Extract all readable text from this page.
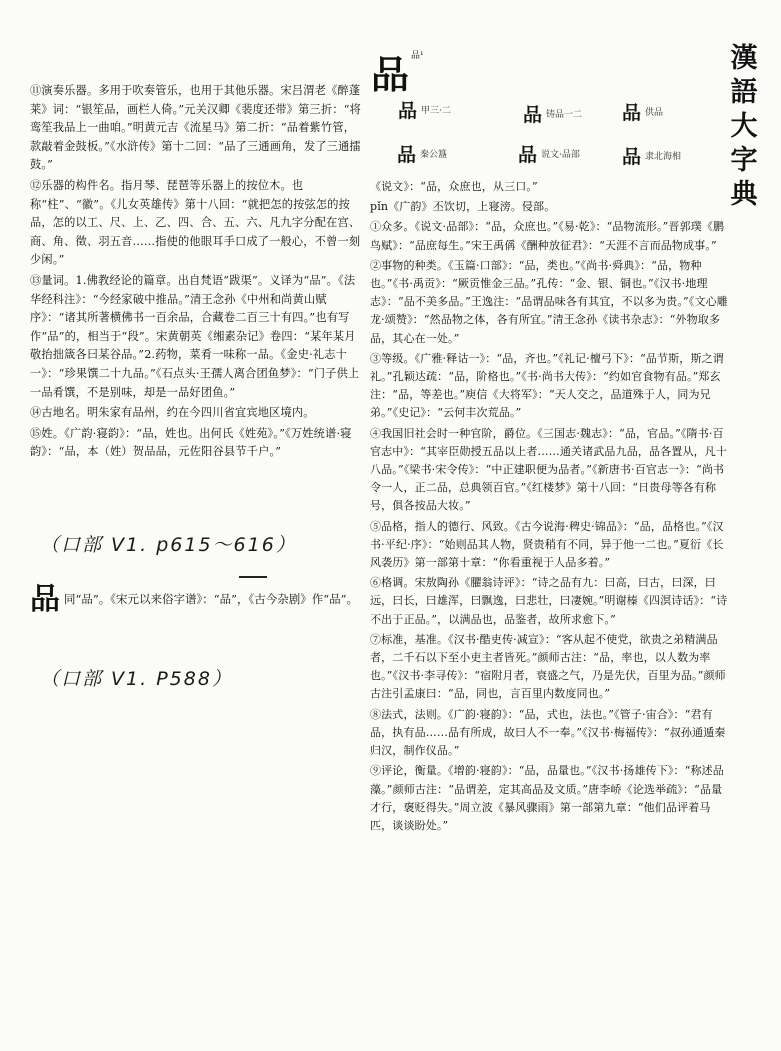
漢
語
大
字
典
品 品¹
品 甲三·二	品 铸品一二 品 供品
品 秦公簋	品 说文·品部 品 隶北海相

⑪演奏乐器。多用于吹奏管乐，也用于其他乐器。宋吕渭老《醉蓬莱》词：“银笙品，画栏人倚。”元关汉卿《裴度还带》第三折：“将鸾笙我品上一曲咱。”明黄元吉《流星马》第二折：“品着紫竹管，款敲着金鼓板。”《水浒传》第十二回：“品了三通画角，发了三通擂鼓。”

⑫乐器的构件名。指月琴、琵琶等乐器上的按位木。也称“柱”、“徽”。《儿女英雄传》第十八回：“就把怎的按弦怎的按品，怎的以工、尺、上、乙、四、合、五、六、凡九字分配在宫、商、角、徵、羽五音……指使的他眼耳手口成了一般心，不曾一刻少闲。”

⑬量词。1.佛教经论的篇章。出自梵语“跋渠”。义译为“品”。《法华经科注》：“今经家破中推品。”清王念孙《中州和尚黄山赋序》：“诸其所著横佛书一百余品，合藏卷二百三十有四。”也有写作“品”的，相当于“段”。宋黄朝英《缃素杂记》卷四：“某年某月敬抬拙箴各曰某谷品。”2.药物，菜肴一味称一品。《金史·礼志十一》：“珍果馔二十九品。”《石点头·王孺人离合团鱼梦》：“门子供上一品肴馔，不是别味，却是一品好团鱼。”

⑭古地名。明朱家有品州，约在今四川省宜宾地区境内。

⑮姓。《广韵·寝韵》：“品，姓也。出何氏《姓苑》。”《万姓统谱·寝韵》：“品，本（姓）贺品品，元佐阳谷县节千户。”

（口部 V1. p615～616）
品同“品”。《宋元以来俗字谱》：“品”，《古今杂剧》作“品”。
（口部 V1. P588）

《说文》：“品，众庶也，从三口。”

pǐn《广韵》丕饮切，上寝滂。侵部。

①众多。《说文·品部》：“品，众庶也。”《易·乾》：“品物流形。”晋郭璞《鹏鸟赋》：“品庶每生。”宋王禹偁《酬种放征君》：“天涯不言而品物成事。”

②事物的种类。《玉篇·口部》：“品，类也。”《尚书·舜典》：“品，物种也。”《书·禹贡》：“厥贡惟金三品。”孔传：“金、银、铜也。”《汉书·地理志》：“品不美多品。”王逸注：“品谓品味各有其宜，不以多为贵。”《文心雕龙·颂赞》：“然品物之体，各有所宜。”清王念孙《读书杂志》：“外物取多品，其心在一处。”

③等级。《广雅·释诂一》：“品，齐也。”《礼记·檀弓下》：“品节斯，斯之谓礼。”孔颖达疏：“品，阶格也。”《书·尚书大传》：“约如官食物有品。”郑玄注：“品，等差也。”庾信《大将军》：“天人交之，品道殊于人，同为兄弟。”《史记》：“云何丰次荒品。”

④我国旧社会时一种官阶，爵位。《三国志·魏志》：“品，官品。”《隋书·百官志中》：“其宰臣勋授五品以上者……通关诸武品九品，品各置从，凡十八品。”《梁书·宋令传》：“中正建职便为品者。”《新唐书·百官志一》：“尚书令一人，正二品，总典领百官。”《红楼梦》第十八回：“日贵母等各有称号，俱各按品大妆。”

⑤品格，指人的德行、风致。《古今说海·稗史·锦品》：“品，品格也。”《汉书·平纪·序》：“始则品其人物，贤贵稍有不同，异于他一二也。”夏衍《长风袭历》第一部第十章：“你看重视于人品多着。”

⑥格调。宋敖陶孙《臞翁诗评》：“诗之品有九：曰高，曰古，曰深，曰远，曰长，曰雄浑，曰飘逸，曰悲壮，曰凄婉。”明谢榛《四溟诗话》：“诗不出于正品。”，以满品也，品鉴者，故所求愈下。”

⑦标准，基准。《汉书·酷吏传·减宣》：“客从起不使党，欲贵之弟精满品者，二千石以下至小吏主者皆死。”颜师古注：“品，率也，以人数为率也。”《汉书·李寻传》：“宿附月者，衰盛之气，乃是先伏，百里为品。”颜师古注引孟康曰：“品，同也，言百里内数度同也。”

⑧法式，法则。《广韵·寝韵》：“品，式也，法也。”《管子·宙合》：“君有品，执有品……品有所成，故曰人不一奉。”《汉书·梅福传》：“叔孙通遁秦归汉，制作仪品。”

⑨评论，衡量。《增韵·寝韵》：“品，品量也。”《汉书·扬雄传下》：“称述品藻。”颜师古注：“品谓差，定其高品及文质。”唐李峤《论选举疏》：“品量才行，褒贬得失。”周立波《暴风骤雨》第一部第九章：“他们品评着马匹，谈谈盼处。”
